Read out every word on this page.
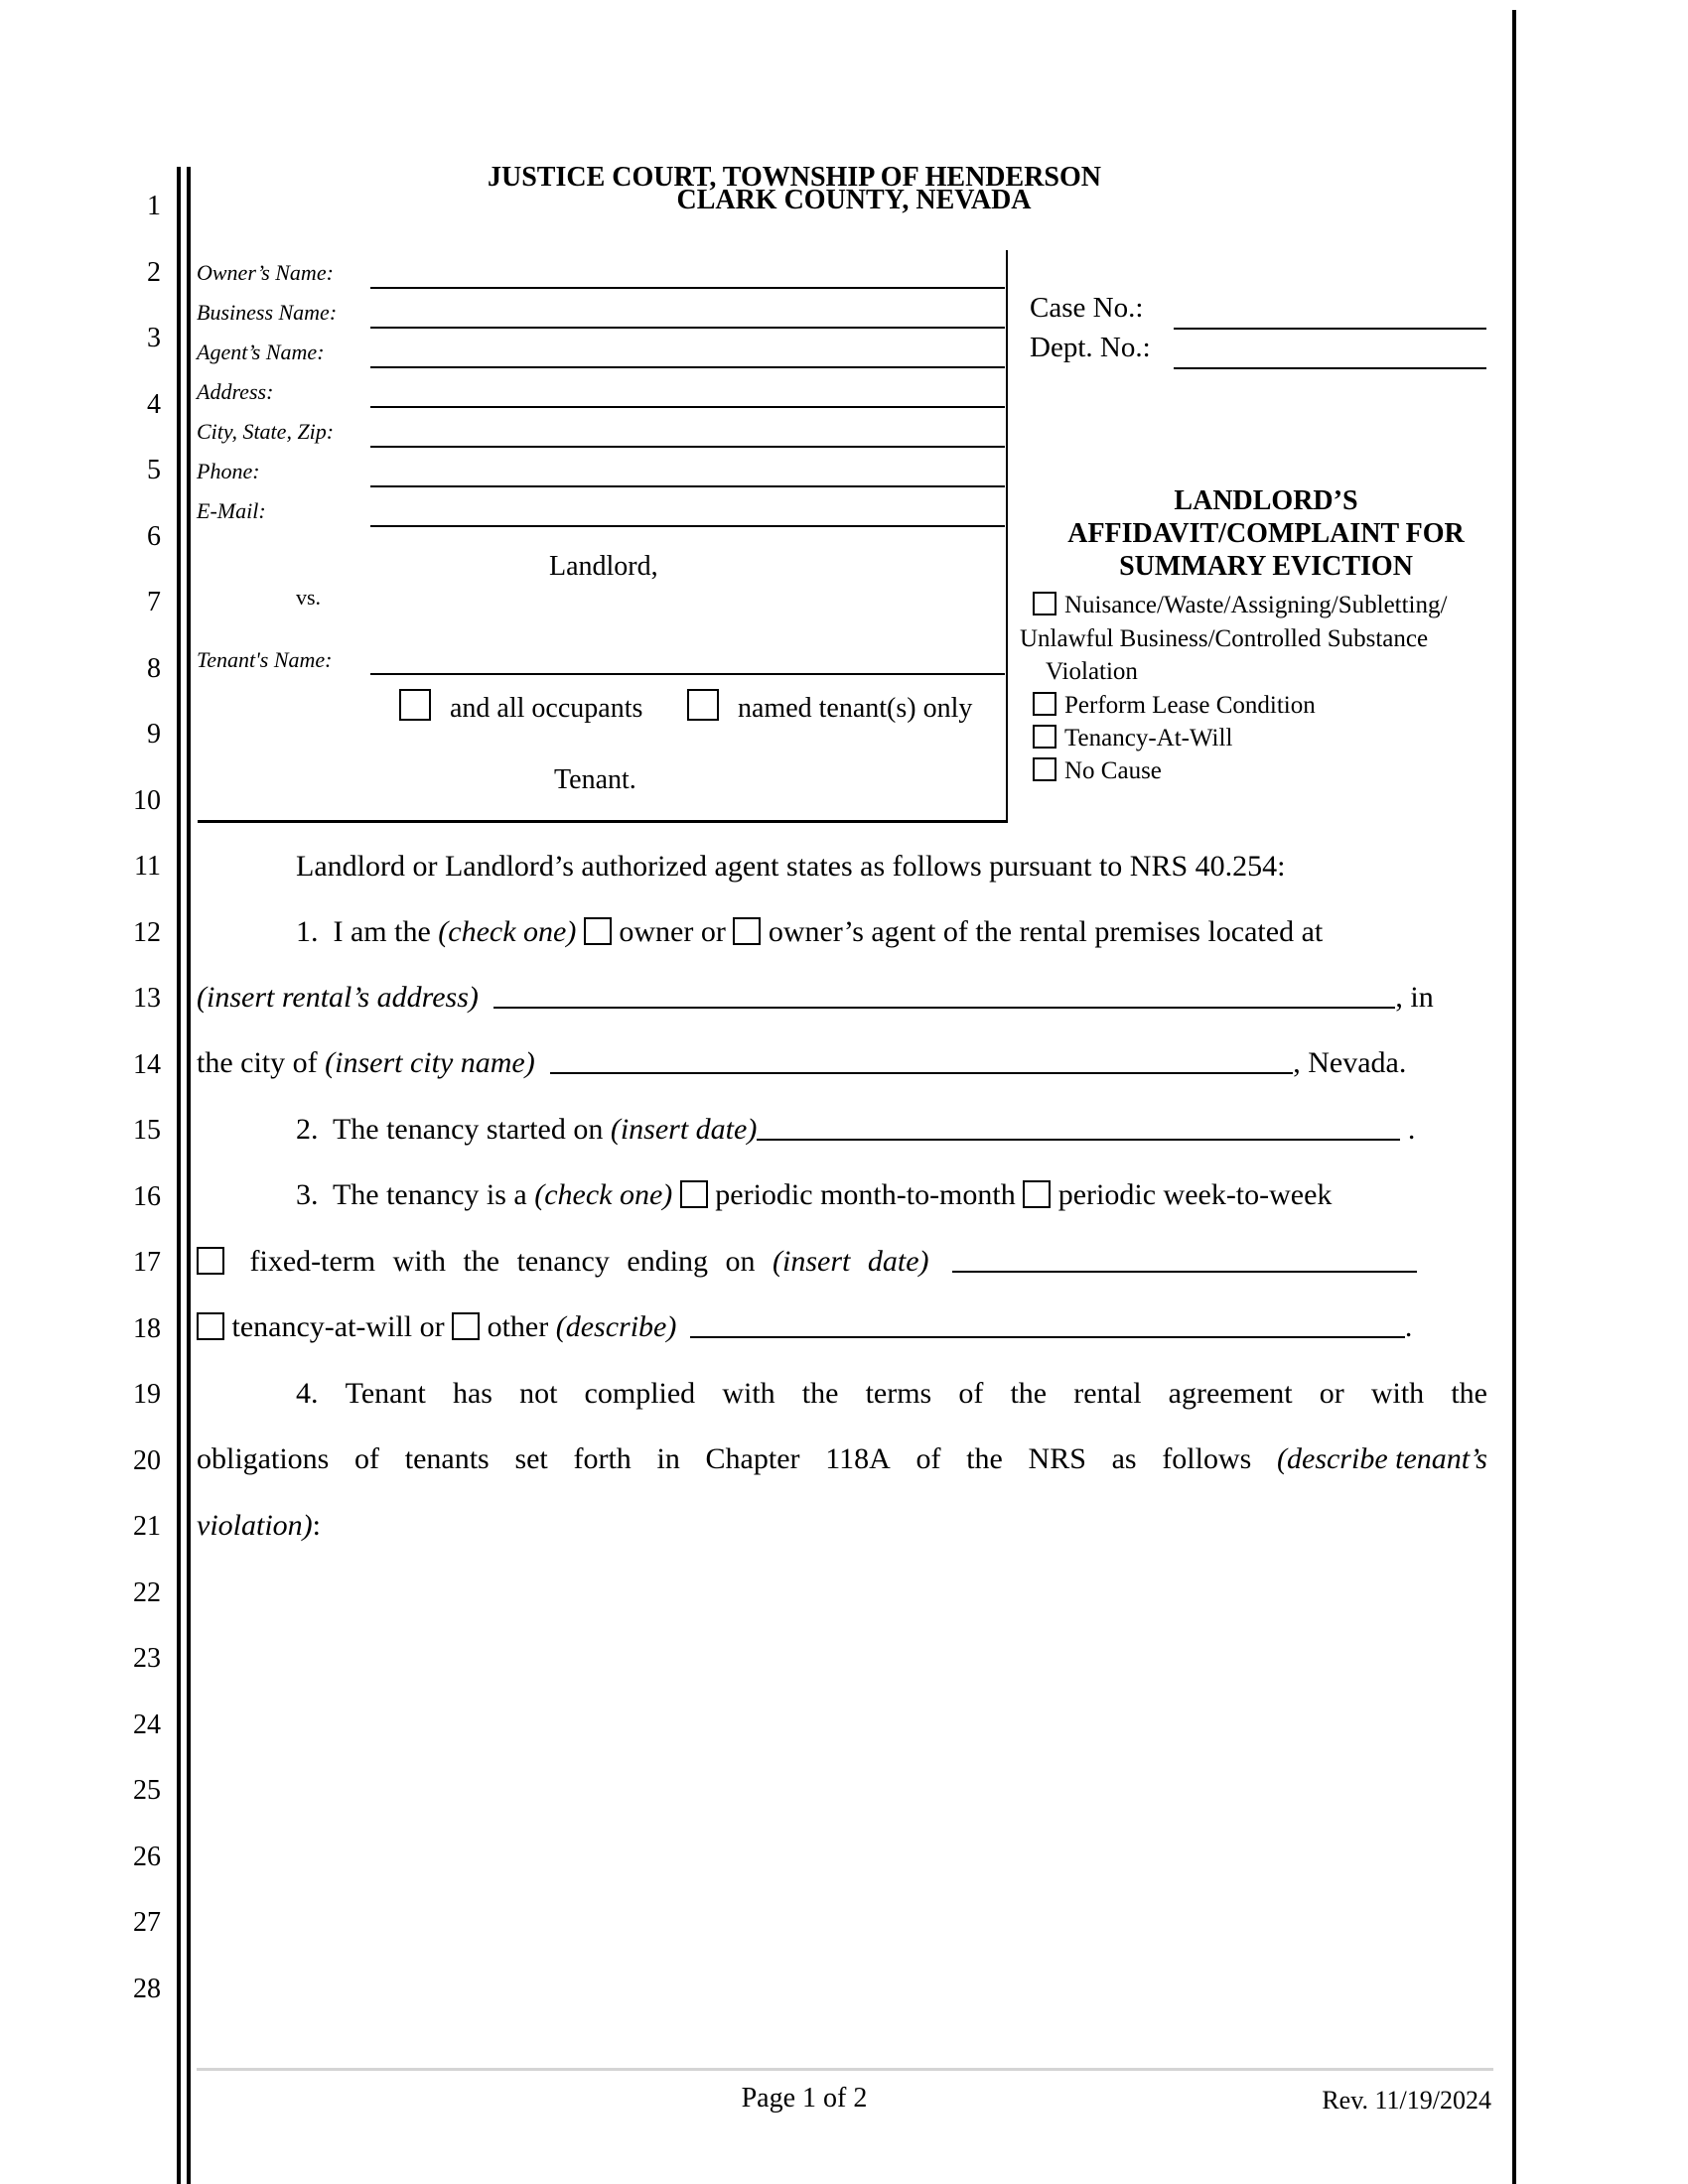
1
2
3
4
5
6
7
8
9
10
11
12
13
14
15
16
17
18
19
20
21
22
23
24
25
26
27
28
JUSTICE COURT, TOWNSHIP OF HENDERSON
CLARK COUNTY, NEVADA
Owner’s Name:
Business Name:
Agent’s Name:
Address:
City, State, Zip:
Phone:
E-Mail:
Landlord,
vs.
Tenant's Name:
and all occupants	named tenant(s) only
Tenant.
Case No.:
Dept. No.:
LANDLORD’S
AFFIDAVIT/COMPLAINT FOR
SUMMARY EVICTION
Nuisance/Waste/Assigning/Subletting/
Unlawful Business/Controlled Substance
Violation
Perform Lease Condition
Tenancy-At-Will
No Cause
Landlord or Landlord’s authorized agent states as follows pursuant to NRS 40.254:
1.  I am the (check one) owner or owner’s agent of the rental premises located at
(insert rental’s address)	, in
the city of (insert city name)	, Nevada.
2.  The tenancy started on (insert date)	.
3.  The tenancy is a (check one) periodic month-to-month periodic week-to-week
fixed-term with the tenancy ending on (insert date)
tenancy-at-will or other (describe)	.
4. Tenant has not complied with the terms of the rental agreement or with the
obligations of tenants set forth in Chapter 118A of the NRS as follows (describe tenant’s
violation):
Page 1 of 2	Rev. 11/19/2024
